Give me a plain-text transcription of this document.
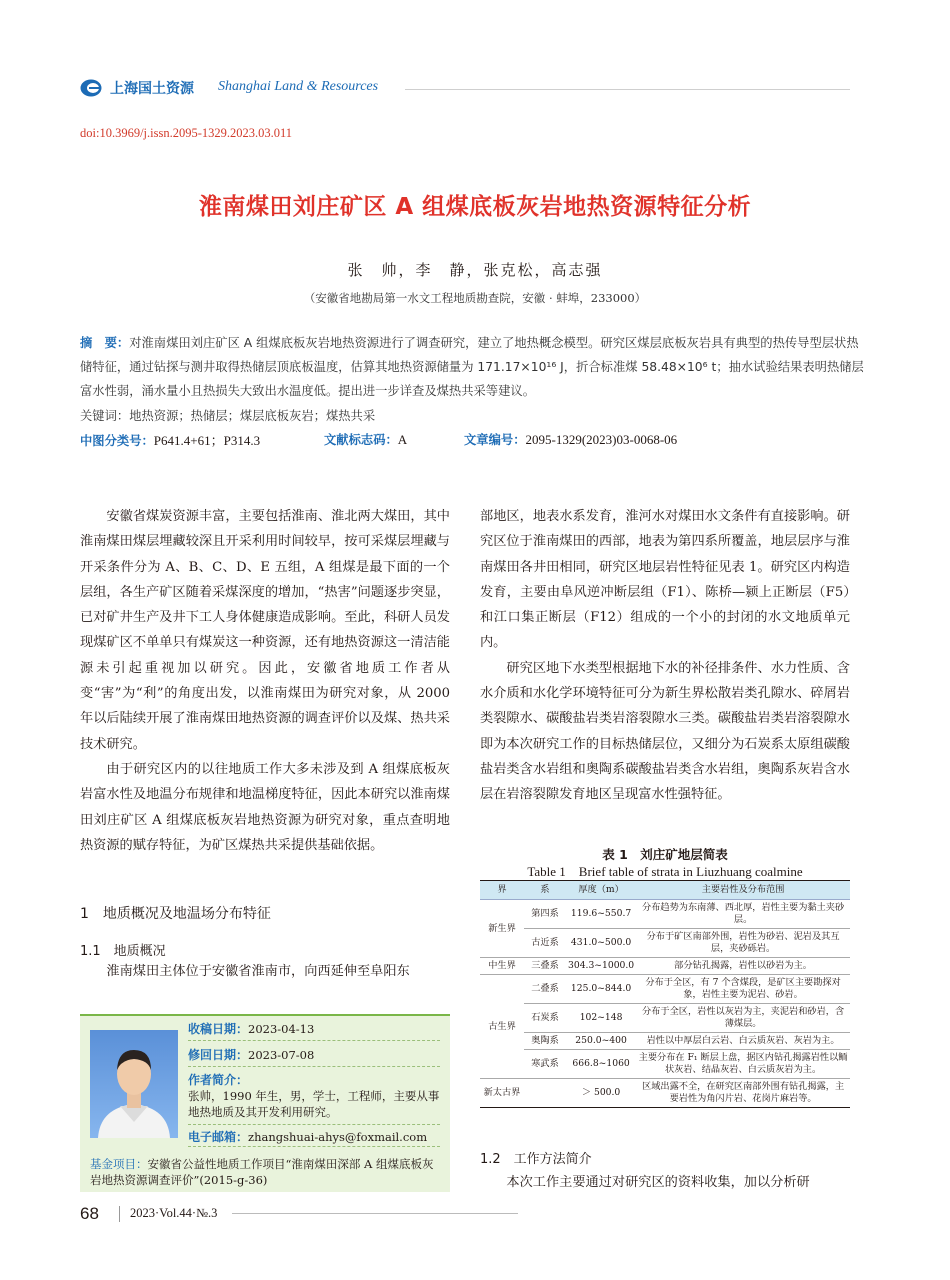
上海国土资源 Shanghai Land & Resources
doi:10.3969/j.issn.2095-1329.2023.03.011
淮南煤田刘庄矿区 A 组煤底板灰岩地热资源特征分析
张　帅，李　静，张克松，高志强
（安徽省地勘局第一水文工程地质勘查院，安徽 · 蚌埠，233000）
摘　要：对淮南煤田刘庄矿区 A 组煤底板灰岩地热资源进行了调查研究，建立了地热概念模型。研究区煤层底板灰岩具有典型的热传导型层状热储特征，通过钻探与测井取得热储层顶底板温度，估算其地热资源储量为 171.17×10¹⁶ J，折合标准煤 58.48×10⁶ t；抽水试验结果表明热储层富水性弱，涌水量小且热损失大致出水温度低。提出进一步详查及煤热共采等建议。
关键词：地热资源；热储层；煤层底板灰岩；煤热共采
中图分类号：P641.4+61；P314.3	文献标志码：A	文章编号：2095-1329(2023)03-0068-06

安徽省煤炭资源丰富，主要包括淮南、淮北两大煤田，其中淮南煤田煤层埋藏较深且开采利用时间较早，按可采煤层埋藏与开采条件分为 A、B、C、D、E 五组，A 组煤是最下面的一个层组，各生产矿区随着采煤深度的增加，“热害”问题逐步突显，已对矿井生产及井下工人身体健康造成影响。至此，科研人员发现煤矿区不单单只有煤炭这一种资源，还有地热资源这一清洁能源未引起重视加以研究。因此，安徽省地质工作者从变“害”为“利”的角度出发，以淮南煤田为研究对象，从 2000 年以后陆续开展了淮南煤田地热资源的调查评价以及煤、热共采技术研究。

由于研究区内的以往地质工作大多未涉及到 A 组煤底板灰岩富水性及地温分布规律和地温梯度特征，因此本研究以淮南煤田刘庄矿区 A 组煤底板灰岩地热资源为研究对象，重点查明地热资源的赋存特征，为矿区煤热共采提供基础依据。

1　地质概况及地温场分布特征
1.1　地质概况

淮南煤田主体位于安徽省淮南市，向西延伸至阜阳东

收稿日期：2023-04-13
修回日期：2023-07-08
作者简介：
张帅，1990 年生，男，学士，工程师，主要从事地热地质及其开发利用研究。
电子邮箱：zhangshuai-ahys@foxmail.com
基金项目：安徽省公益性地质工作项目“淮南煤田深部 A 组煤底板灰岩地热资源调查评价”(2015-g-36)

部地区，地表水系发育，淮河水对煤田水文条件有直接影响。研究区位于淮南煤田的西部，地表为第四系所覆盖，地层层序与淮南煤田各井田相同，研究区地层岩性特征见表 1。研究区内构造发育，主要由阜风逆冲断层组（F1）、陈桥—颍上正断层（F5）和江口集正断层（F12）组成的一个小的封闭的水文地质单元内。

研究区地下水类型根据地下水的补径排条件、水力性质、含水介质和水化学环境特征可分为新生界松散岩类孔隙水、碎屑岩类裂隙水、碳酸盐岩类岩溶裂隙水三类。碳酸盐岩类岩溶裂隙水即为本次研究工作的目标热储层位，又细分为石炭系太原组碳酸盐岩类含水岩组和奥陶系碳酸盐岩类含水岩组，奥陶系灰岩含水层在岩溶裂隙发育地区呈现富水性强特征。

表 1　刘庄矿地层简表
Table 1　Brief table of strata in Liuzhuang coalmine
界	系	厚度（m）	主要岩性及分布范围
新生界	第四系	119.6~550.7	分布趋势为东南薄、西北厚，岩性主要为黏土夹砂层。
	古近系	431.0~500.0	分布于矿区南部外围，岩性为砂岩、泥岩及其互层，夹砂砾岩。
中生界	三叠系	304.3~1000.0	部分钻孔揭露，岩性以砂岩为主。
古生界	二叠系	125.0~844.0	分布于全区，有 7 个含煤段，是矿区主要勘探对象，岩性主要为泥岩、砂岩。
	石炭系	102~148	分布于全区，岩性以灰岩为主，夹泥岩和砂岩，含薄煤层。
	奥陶系	250.0~400	岩性以中厚层白云岩、白云质灰岩、灰岩为主。
	寒武系	666.8~1060	主要分布在 F₁ 断层上盘，据区内钻孔揭露岩性以鲕状灰岩、结晶灰岩、白云质灰岩为主。
新太古界		＞ 500.0	区域出露不全，在研究区南部外围有钻孔揭露，主要岩性为角闪片岩、花岗片麻岩等。
1.2　工作方法简介

本次工作主要通过对研究区的资料收集，加以分析研

68 2023·Vol.44·№.3
